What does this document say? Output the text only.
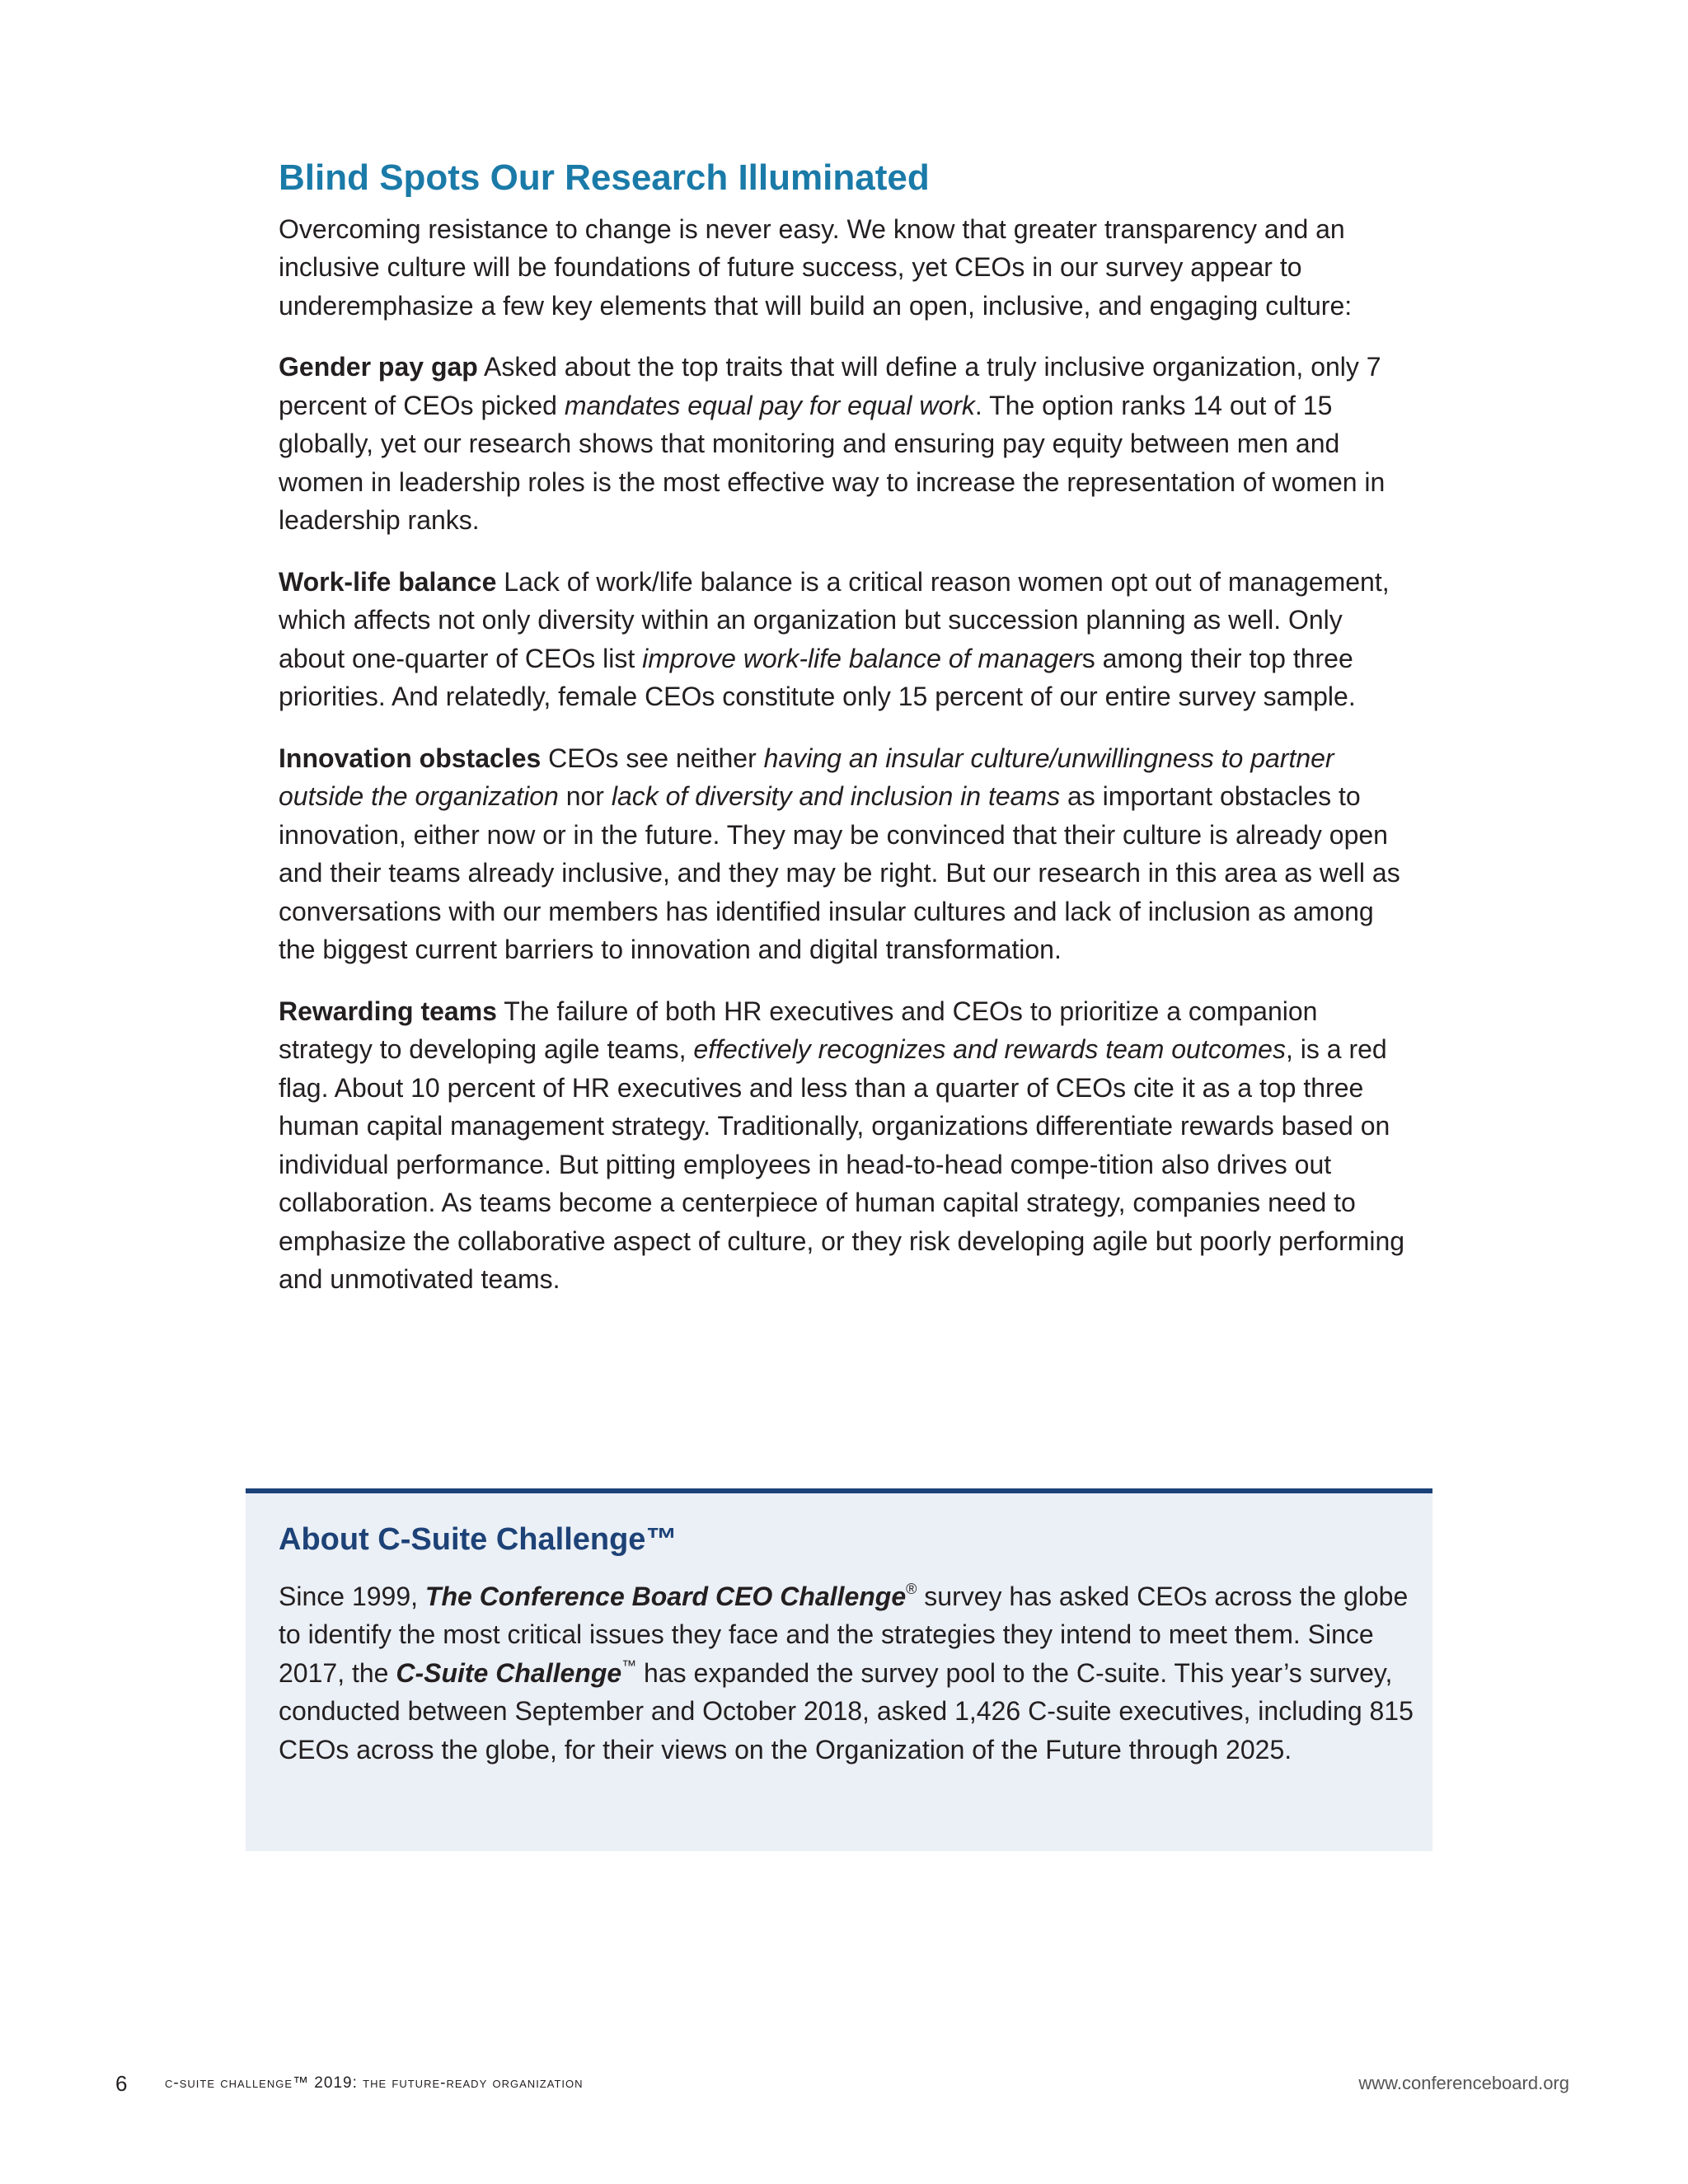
Blind Spots Our Research Illuminated

Overcoming resistance to change is never easy. We know that greater transparency and an inclusive culture will be foundations of future success, yet CEOs in our survey appear to underemphasize a few key elements that will build an open, inclusive, and engaging culture:

Gender pay gap Asked about the top traits that will define a truly inclusive organization, only 7 percent of CEOs picked mandates equal pay for equal work. The option ranks 14 out of 15 globally, yet our research shows that monitoring and ensuring pay equity between men and women in leadership roles is the most effective way to increase the representation of women in leadership ranks.

Work-life balance Lack of work/life balance is a critical reason women opt out of management, which affects not only diversity within an organization but succession planning as well. Only about one-quarter of CEOs list improve work-life balance of managers among their top three priorities. And relatedly, female CEOs constitute only 15 percent of our entire survey sample.

Innovation obstacles CEOs see neither having an insular culture/unwillingness to partner outside the organization nor lack of diversity and inclusion in teams as important obstacles to innovation, either now or in the future. They may be convinced that their culture is already open and their teams already inclusive, and they may be right. But our research in this area as well as conversations with our members has identified insular cultures and lack of inclusion as among the biggest current barriers to innovation and digital transformation.

Rewarding teams The failure of both HR executives and CEOs to prioritize a companion strategy to developing agile teams, effectively recognizes and rewards team outcomes, is a red flag. About 10 percent of HR executives and less than a quarter of CEOs cite it as a top three human capital management strategy. Traditionally, organizations differentiate rewards based on individual performance. But pitting employees in head-to-head compe-tition also drives out collaboration. As teams become a centerpiece of human capital strategy, companies need to emphasize the collaborative aspect of culture, or they risk developing agile but poorly performing and unmotivated teams.

About C-Suite Challenge™

Since 1999, The Conference Board CEO Challenge® survey has asked CEOs across the globe to identify the most critical issues they face and the strategies they intend to meet them. Since 2017, the C-Suite Challenge™ has expanded the survey pool to the C-suite. This year’s survey, conducted between September and October 2018, asked 1,426 C-suite executives, including 815 CEOs across the globe, for their views on the Organization of the Future through 2025.

6 c-suite challenge™ 2019: the future-ready organization	www.conferenceboard.org
